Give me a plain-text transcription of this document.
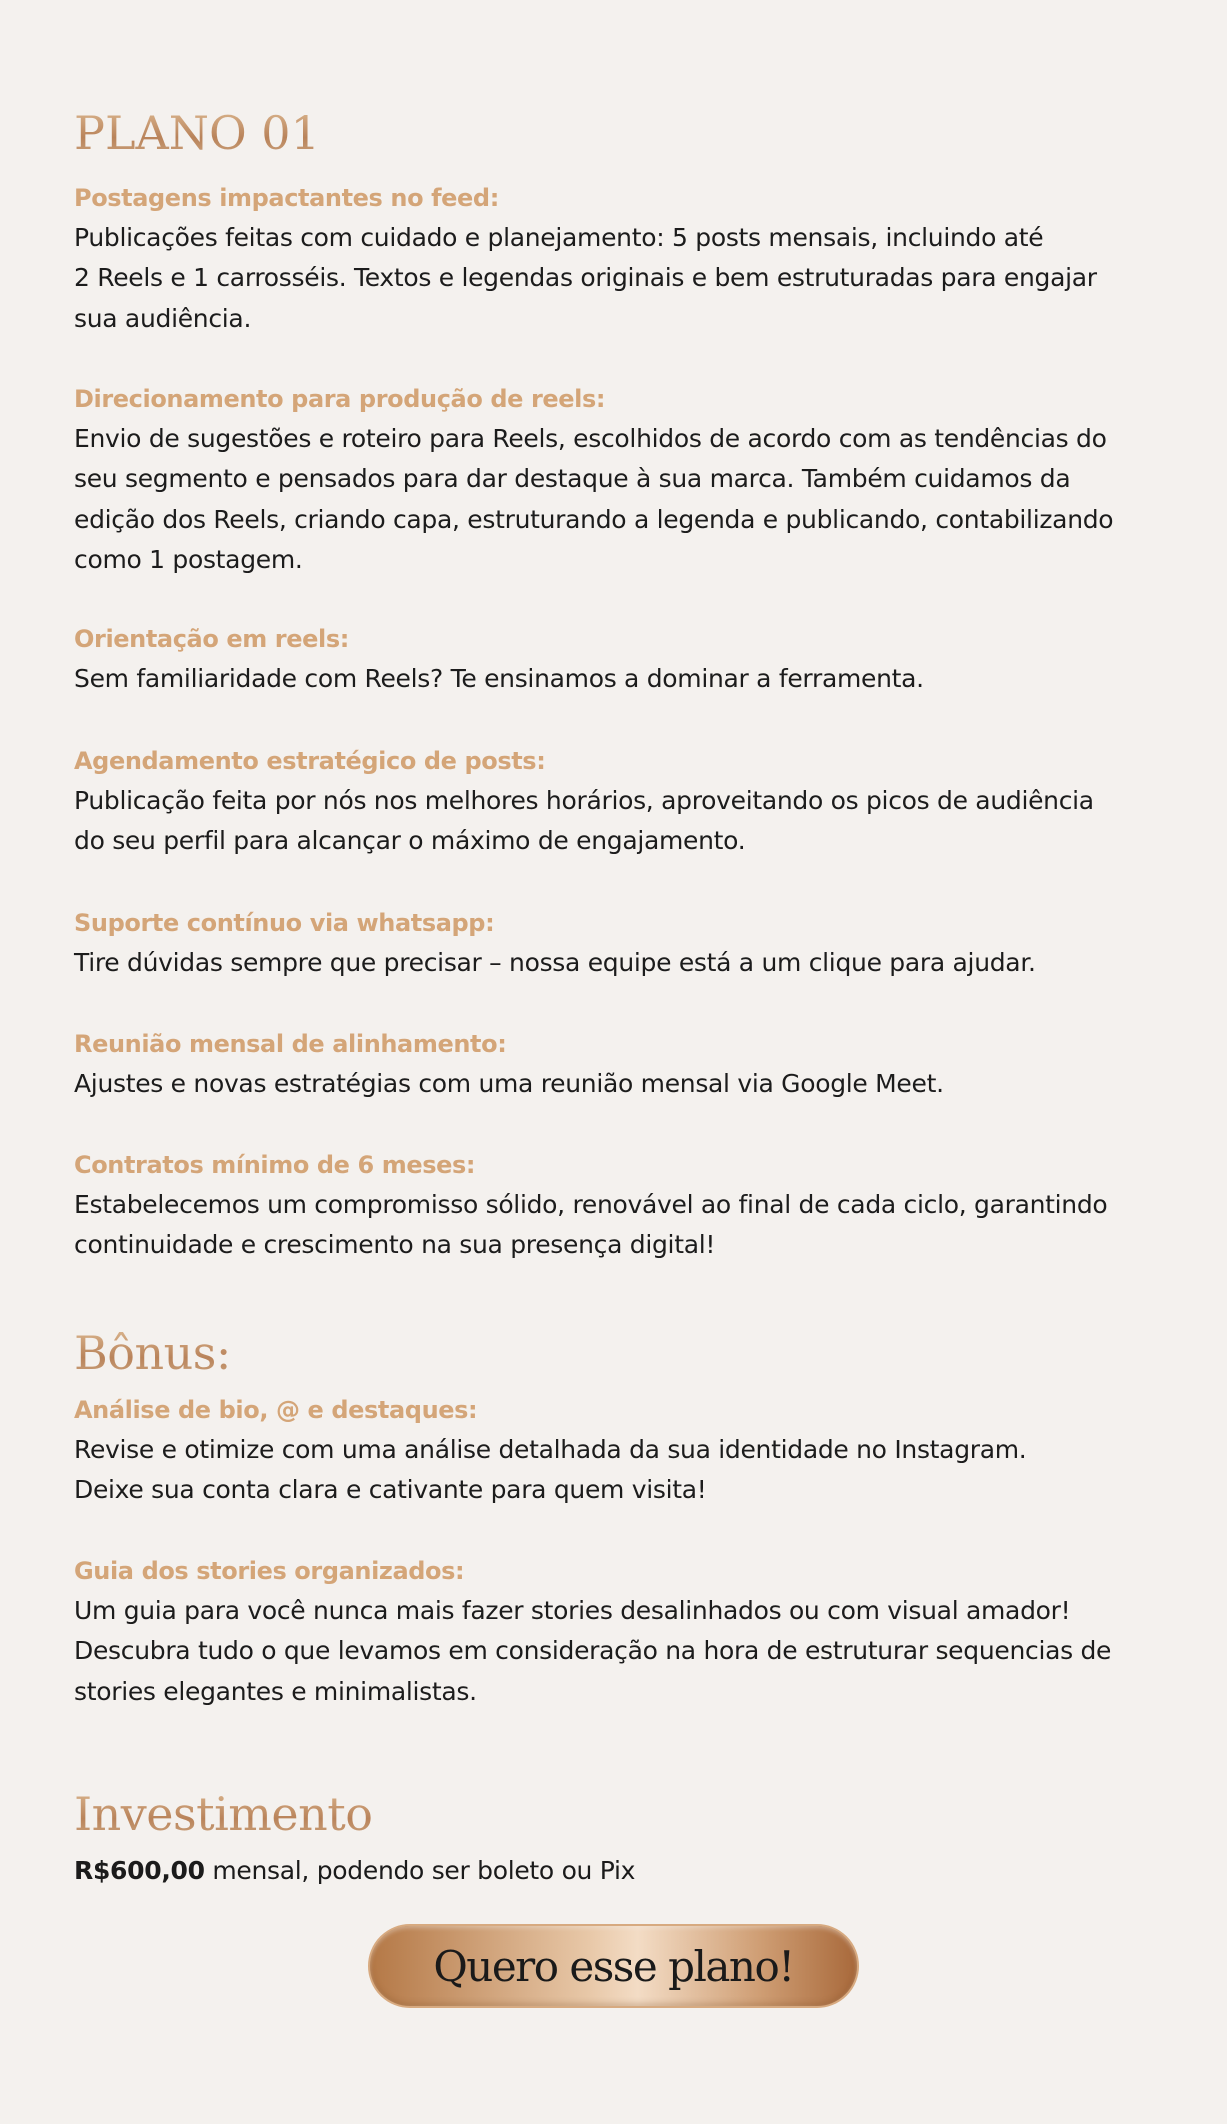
PLANO 01
Postagens impactantes no feed:
Publicações feitas com cuidado e planejamento: 5 posts mensais, incluindo até
2 Reels e 1 carrosséis. Textos e legendas originais e bem estruturadas para engajar
sua audiência.
Direcionamento para produção de reels:
Envio de sugestões e roteiro para Reels, escolhidos de acordo com as tendências do
seu segmento e pensados para dar destaque à sua marca. Também cuidamos da
edição dos Reels, criando capa, estruturando a legenda e publicando, contabilizando
como 1 postagem.
Orientação em reels:
Sem familiaridade com Reels? Te ensinamos a dominar a ferramenta.
Agendamento estratégico de posts:
Publicação feita por nós nos melhores horários, aproveitando os picos de audiência
do seu perfil para alcançar o máximo de engajamento.
Suporte contínuo via whatsapp:
Tire dúvidas sempre que precisar – nossa equipe está a um clique para ajudar.
Reunião mensal de alinhamento:
Ajustes e novas estratégias com uma reunião mensal via Google Meet.
Contratos mínimo de 6 meses:
Estabelecemos um compromisso sólido, renovável ao final de cada ciclo, garantindo
continuidade e crescimento na sua presença digital!
Bônus:
Análise de bio, @ e destaques:
Revise e otimize com uma análise detalhada da sua identidade no Instagram.
Deixe sua conta clara e cativante para quem visita!
Guia dos stories organizados:
Um guia para você nunca mais fazer stories desalinhados ou com visual amador!
Descubra tudo o que levamos em consideração na hora de estruturar sequencias de
stories elegantes e minimalistas.
Investimento
R$600,00 mensal, podendo ser boleto ou Pix
Quero esse plano!
